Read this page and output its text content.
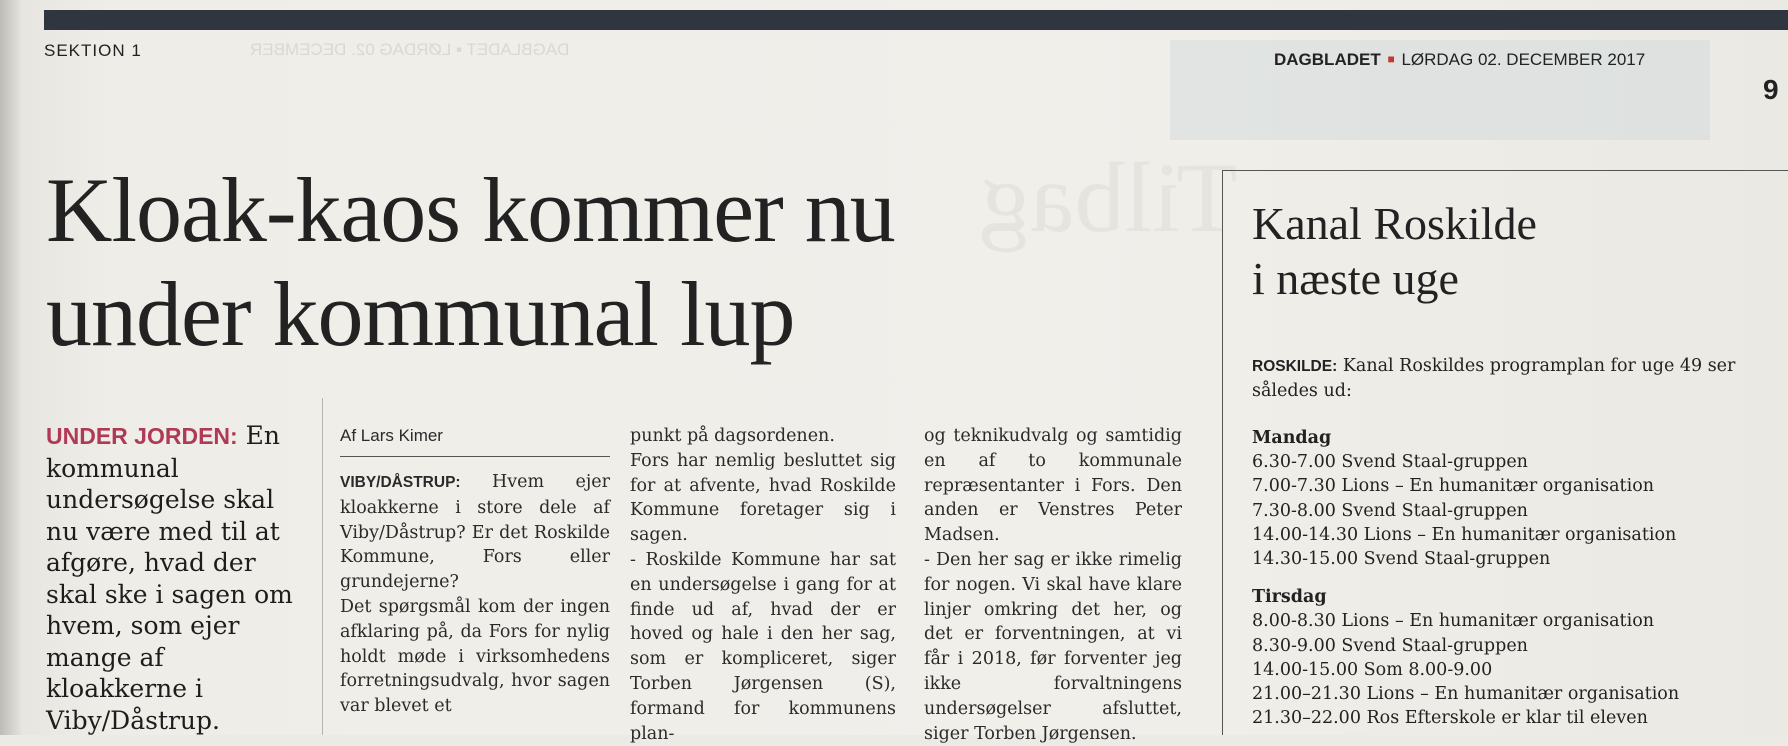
DAGBLADET ▪ LØRDAG 02. DECEMBER
Tilbag
SEKTION 1	DAGBLADET ■ LØRDAG 02. DECEMBER 2017
9
Kloak-kaos kommer nu
under kommunal lup
UNDER JORDEN: En kommunal undersøgelse skal nu være med til at afgøre, hvad der skal ske i sagen om hvem, som ejer mange af kloakkerne i Viby/Dåstrup.
Af Lars Kimer
VIBY/DÅSTRUP: Hvem ejer kloakkerne i store dele af Viby/Dåstrup? Er det Roskilde Kommune, Fors eller grundejerne?
Det spørgsmål kom der ingen afklaring på, da Fors for nylig holdt møde i virksomhedens forretningsudvalg, hvor sagen var blevet et
punkt på dagsordenen.
Fors har nemlig besluttet sig for at afvente, hvad Roskilde Kommune foretager sig i sagen.
- Roskilde Kommune har sat en undersøgelse i gang for at finde ud af, hvad der er hoved og hale i den her sag, som er kompliceret, siger Torben Jørgensen (S), formand for kommunens plan-
og teknikudvalg og samtidig en af to kommunale repræsentanter i Fors. Den anden er Venstres Peter Madsen.
- Den her sag er ikke rimelig for nogen. Vi skal have klare linjer omkring det her, og det er forventningen, at vi får i 2018, før forventer jeg ikke forvaltningens undersøgelser afsluttet, siger Torben Jørgensen.
Kanal Roskilde
i næste uge
ROSKILDE: Kanal Roskildes programplan for uge 49 ser således ud:
Mandag
6.30-7.00 Svend Staal-gruppen
7.00-7.30 Lions – En humanitær organisation
7.30-8.00 Svend Staal-gruppen
14.00-14.30 Lions – En humanitær organisation
14.30-15.00 Svend Staal-gruppen
Tirsdag
8.00-8.30 Lions – En humanitær organisation
8.30-9.00 Svend Staal-gruppen
14.00-15.00 Som 8.00-9.00
21.00–21.30 Lions – En humanitær organisation
21.30–22.00 Ros Efterskole er klar til eleven
